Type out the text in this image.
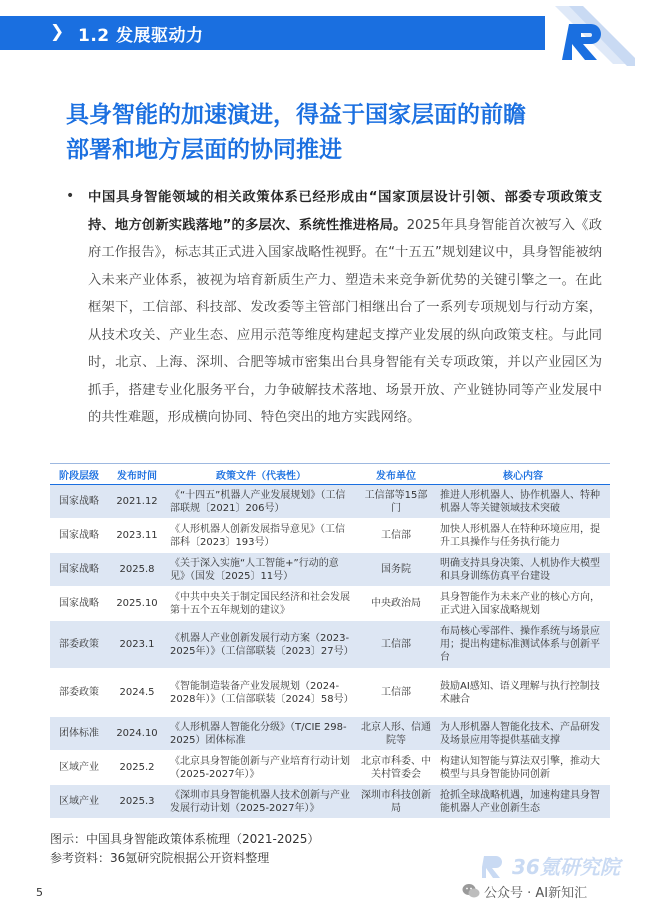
❯ 1.2 发展驱动力
具身智能的加速演进，得益于国家层面的前瞻
部署和地方层面的协同推进
• 中国具身智能领域的相关政策体系已经形成由“国家顶层设计引领、部委专项政策支持、地方创新实践落地”的多层次、系统性推进格局。2025年具身智能首次被写入《政府工作报告》，标志其正式进入国家战略性视野。在“十五五”规划建议中，具身智能被纳入未来产业体系，被视为培育新质生产力、塑造未来竞争新优势的关键引擎之一。在此框架下，工信部、科技部、发改委等主管部门相继出台了一系列专项规划与行动方案，从技术攻关、产业生态、应用示范等维度构建起支撑产业发展的纵向政策支柱。与此同时，北京、上海、深圳、合肥等城市密集出台具身智能有关专项政策，并以产业园区为抓手，搭建专业化服务平台，力争破解技术落地、场景开放、产业链协同等产业发展中的共性难题，形成横向协同、特色突出的地方实践网络。

阶段层级	发布时间	政策文件（代表性）	发布单位	核心内容
国家战略	2021.12	《“十四五”机器人产业发展规划》（工信部联规〔2021〕206号）	工信部等15部门	推进人形机器人、协作机器人、特种机器人等关键领域技术突破
国家战略	2023.11	《人形机器人创新发展指导意见》（工信部科〔2023〕193号）	工信部	加快人形机器人在特种环境应用，提升工具操作与任务执行能力
国家战略	2025.8	《关于深入实施“人工智能+”行动的意见》（国发〔2025〕11号）	国务院	明确支持具身决策、人机协作大模型和具身训练仿真平台建设
国家战略	2025.10	《中共中央关于制定国民经济和社会发展第十五个五年规划的建议》	中央政治局	具身智能作为未来产业的核心方向，正式进入国家战略规划
部委政策	2023.1	《机器人产业创新发展行动方案（2023-2025年）》（工信部联装〔2023〕27号）	工信部	布局核心零部件、操作系统与场景应用；提出构建标准测试体系与创新平台
部委政策	2024.5	《智能制造装备产业发展规划（2024-2028年）》（工信部联装〔2024〕58号）	工信部	鼓励AI感知、语义理解与执行控制技术融合
团体标准	2024.10	《人形机器人智能化分级》（T/CIE 298-2025）团体标准	北京人形、信通院等	为人形机器人智能化技术、产品研发及场景应用等提供基础支撑
区域产业	2025.2	《北京具身智能创新与产业培育行动计划（2025-2027年）》	北京市科委、中关村管委会	构建认知智能与算法双引擎，推动大模型与具身智能协同创新
区域产业	2025.3	《深圳市具身智能机器人技术创新与产业发展行动计划（2025-2027年）》	深圳市科技创新局	抢抓全球战略机遇，加速构建具身智能机器人产业创新生态

图示：中国具身智能政策体系梳理（2021-2025）

参考资料：36氪研究院根据公开资料整理

5
36氪研究院
公众号 · AI新知汇
